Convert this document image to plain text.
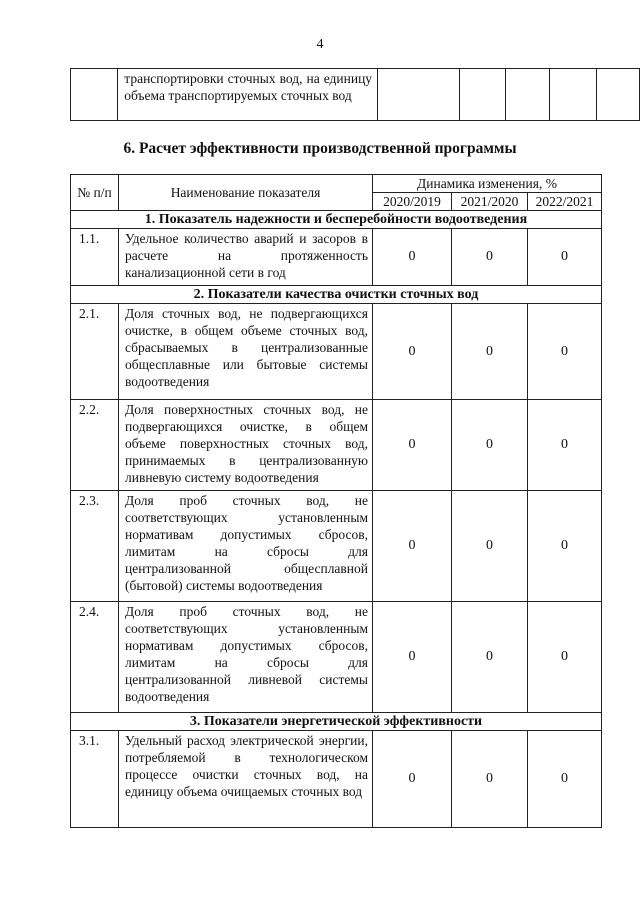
4
	транспортировки сточных вод, на единицу объема транспортируемых сточных вод					
6. Расчет эффективности производственной программы
№ п/п	Наименование показателя	Динамика изменения, %		
		2020/2019	2021/2020	2022/2021
1. Показатель надежности и бесперебойности водоотведения				
1.1.	Удельное количество аварий и засоров в расчете на протяженность канализационной сети в год	0	0	0
2. Показатели качества очистки сточных вод				
2.1.	Доля сточных вод, не подвергающихся очистке, в общем объеме сточных вод, сбрасываемых в централизованные общесплавные или бытовые системы водоотведения	0	0	0
2.2.	Доля поверхностных сточных вод, не подвергающихся очистке, в общем объеме поверхностных сточных вод, принимаемых в централизованную ливневую систему водоотведения	0	0	0
2.3.	Доля проб сточных вод, не соответствующих установленным нормативам допустимых сбросов, лимитам на сбросы для централизованной общесплавной (бытовой) системы водоотведения	0	0	0
2.4.	Доля проб сточных вод, не соответствующих установленным нормативам допустимых сбросов, лимитам на сбросы для централизованной ливневой системы водоотведения	0	0	0
3. Показатели энергетической эффективности				
3.1.	Удельный расход электрической энергии, потребляемой в технологическом процессе очистки сточных вод, на единицу объема очищаемых сточных вод	0	0	0
